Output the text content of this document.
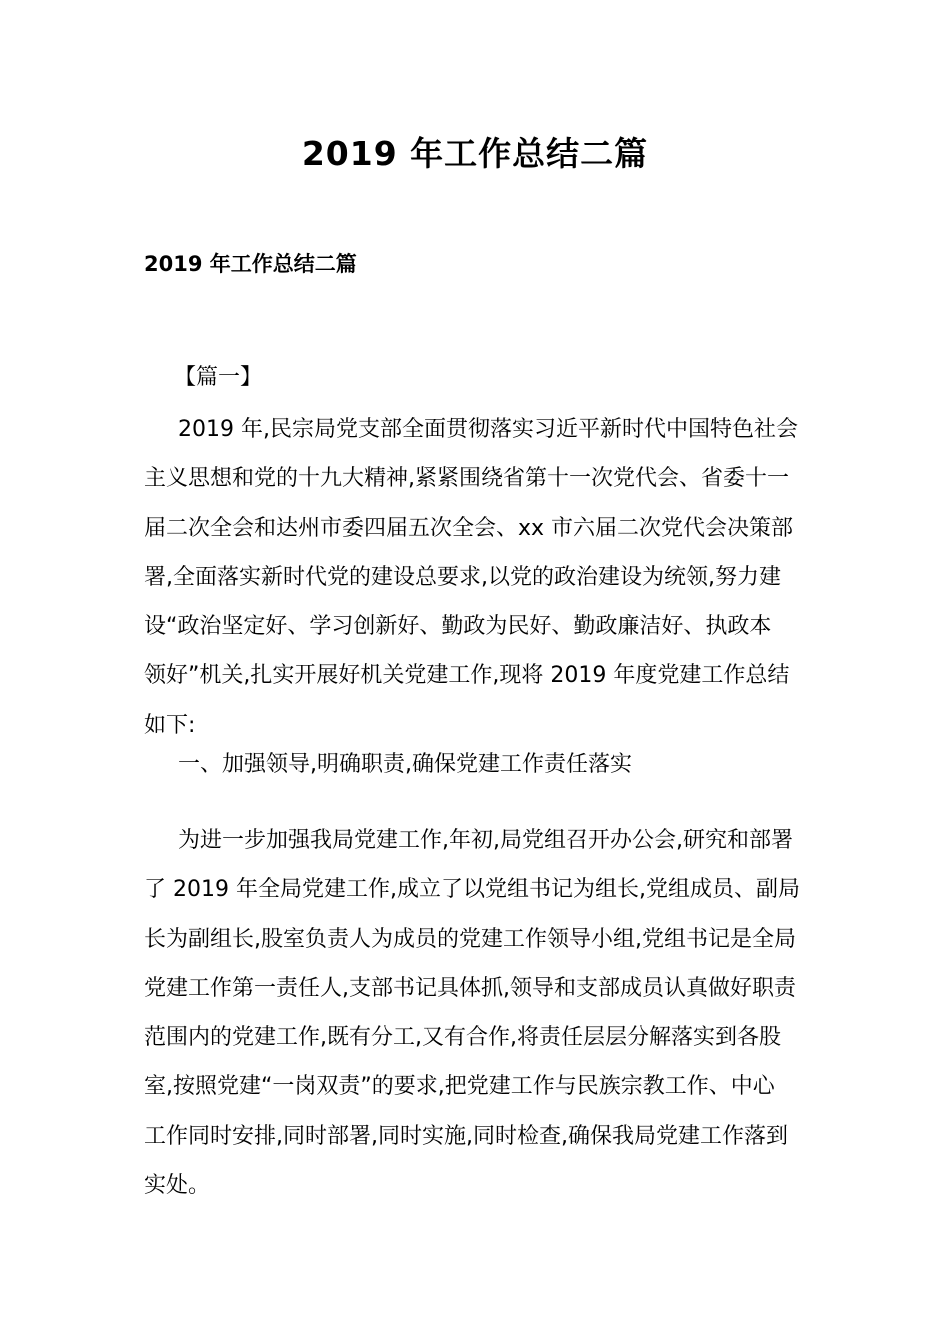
2019 年工作总结二篇

2019 年工作总结二篇

【篇一】

2019 年,民宗局党支部全面贯彻落实习近平新时代中国特色社会
主义思想和党的十九大精神,紧紧围绕省第十一次党代会、省委十一
届二次全会和达州市委四届五次全会、xx 市六届二次党代会决策部
署,全面落实新时代党的建设总要求,以党的政治建设为统领,努力建
设“政治坚定好、学习创新好、勤政为民好、勤政廉洁好、执政本
领好”机关,扎实开展好机关党建工作,现将 2019 年度党建工作总结
如下:
一、加强领导,明确职责,确保党建工作责任落实
为进一步加强我局党建工作,年初,局党组召开办公会,研究和部署
了 2019 年全局党建工作,成立了以党组书记为组长,党组成员、副局
长为副组长,股室负责人为成员的党建工作领导小组,党组书记是全局
党建工作第一责任人,支部书记具体抓,领导和支部成员认真做好职责
范围内的党建工作,既有分工,又有合作,将责任层层分解落实到各股
室,按照党建“一岗双责”的要求,把党建工作与民族宗教工作、中心
工作同时安排,同时部署,同时实施,同时检查,确保我局党建工作落到
实处。
